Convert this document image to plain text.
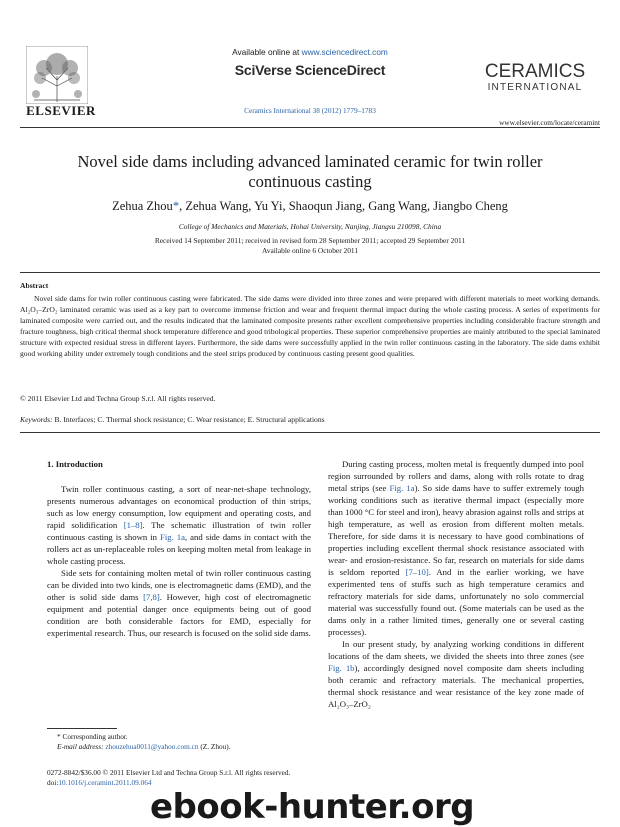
ELSEVIER
Available online at www.sciencedirect.com
SciVerse ScienceDirect
Ceramics International 38 (2012) 1779–1783
CERAMICS
INTERNATIONAL
www.elsevier.com/locate/ceramint
Novel side dams including advanced laminated ceramic for twin roller continuous casting
Zehua Zhou*, Zehua Wang, Yu Yi, Shaoqun Jiang, Gang Wang, Jiangbo Cheng
College of Mechanics and Materials, Hohai University, Nanjing, Jiangsu 210098, China
Received 14 September 2011; received in revised form 28 September 2011; accepted 29 September 2011
Available online 6 October 2011
Abstract
Novel side dams for twin roller continuous casting were fabricated. The side dams were divided into three zones and were prepared with different materials to meet working demands. Al₂O₃–ZrO₂ laminated ceramic was used as a key part to overcome immense friction and wear and frequent thermal impact during the whole casting process. A series of experiments for laminated composite were carried out, and the results indicated that the laminated composite presents rather excellent comprehensive properties including considerable fracture strength and fracture toughness, high critical thermal shock temperature difference and good tribological properties. These superior comprehensive properties are mainly attributed to the special laminated structure with expected residual stress in different layers. Furthermore, the side dams were successfully applied in the twin roller continuous casting in the laboratory. The side dams exhibit good working ability under extremely tough conditions and the steel strips produced by continuous casting present good qualities.
© 2011 Elsevier Ltd and Techna Group S.r.l. All rights reserved.
Keywords: B. Interfaces; C. Thermal shock resistance; C. Wear resistance; E. Structural applications
1. Introduction

Twin roller continuous casting, a sort of near-net-shape technology, presents numerous advantages on economical production of thin strips, such as low energy consumption, low equipment and operating costs, and rapid solidification [1–8]. The schematic illustration of twin roller continuous casting is shown in Fig. 1a, and side dams in contact with the rollers act as un-replaceable roles on keeping molten metal from leakage in whole casting process.

Side sets for containing molten metal of twin roller continuous casting can be divided into two kinds, one is electromagnetic dams (EMD), and the other is solid side dams [7,8]. However, high cost of electromagnetic equipment and potential danger once equipments being out of good condition are both considerable factors for EMD, especially for experimental research. Thus, our research is focused on the solid side dams.

During casting process, molten metal is frequently dumped into pool region surrounded by rollers and dams, along with rolls rotate to drag metal strips (see Fig. 1a). So side dams have to suffer extremely tough working conditions such as iterative thermal impact (especially more than 1000 °C for steel and iron), heavy abrasion against rolls and strips at high temperature, as well as erosion from different molten metals. Therefore, for side dams it is necessary to have good combinations of properties including excellent thermal shock resistance associated with wear- and erosion-resistance. So far, research on materials for side dams is seldom reported [7–10]. And in the earlier working, we have experimented tens of stuffs such as high temperature ceramics and refractory materials for side dams, unfortunately no solo commercial material was successfully found out. (Some materials can be used as the dams only in a rather limited times, generally one or several casting processes).

In our present study, by analyzing working conditions in different locations of the dam sheets, we divided the sheets into three zones (see Fig. 1b), accordingly designed novel composite dam sheets including both ceramic and refractory materials. The mechanical properties, thermal shock resistance and wear resistance of the key zone made of Al₂O₃–ZrO₂

* Corresponding author.
E-mail address: zhouzehua0011@yahoo.com.cn (Z. Zhou).
0272-8842/$36.00 © 2011 Elsevier Ltd and Techna Group S.r.l. All rights reserved.
doi:10.1016/j.ceramint.2011.09.064
ebook-hunter.org
